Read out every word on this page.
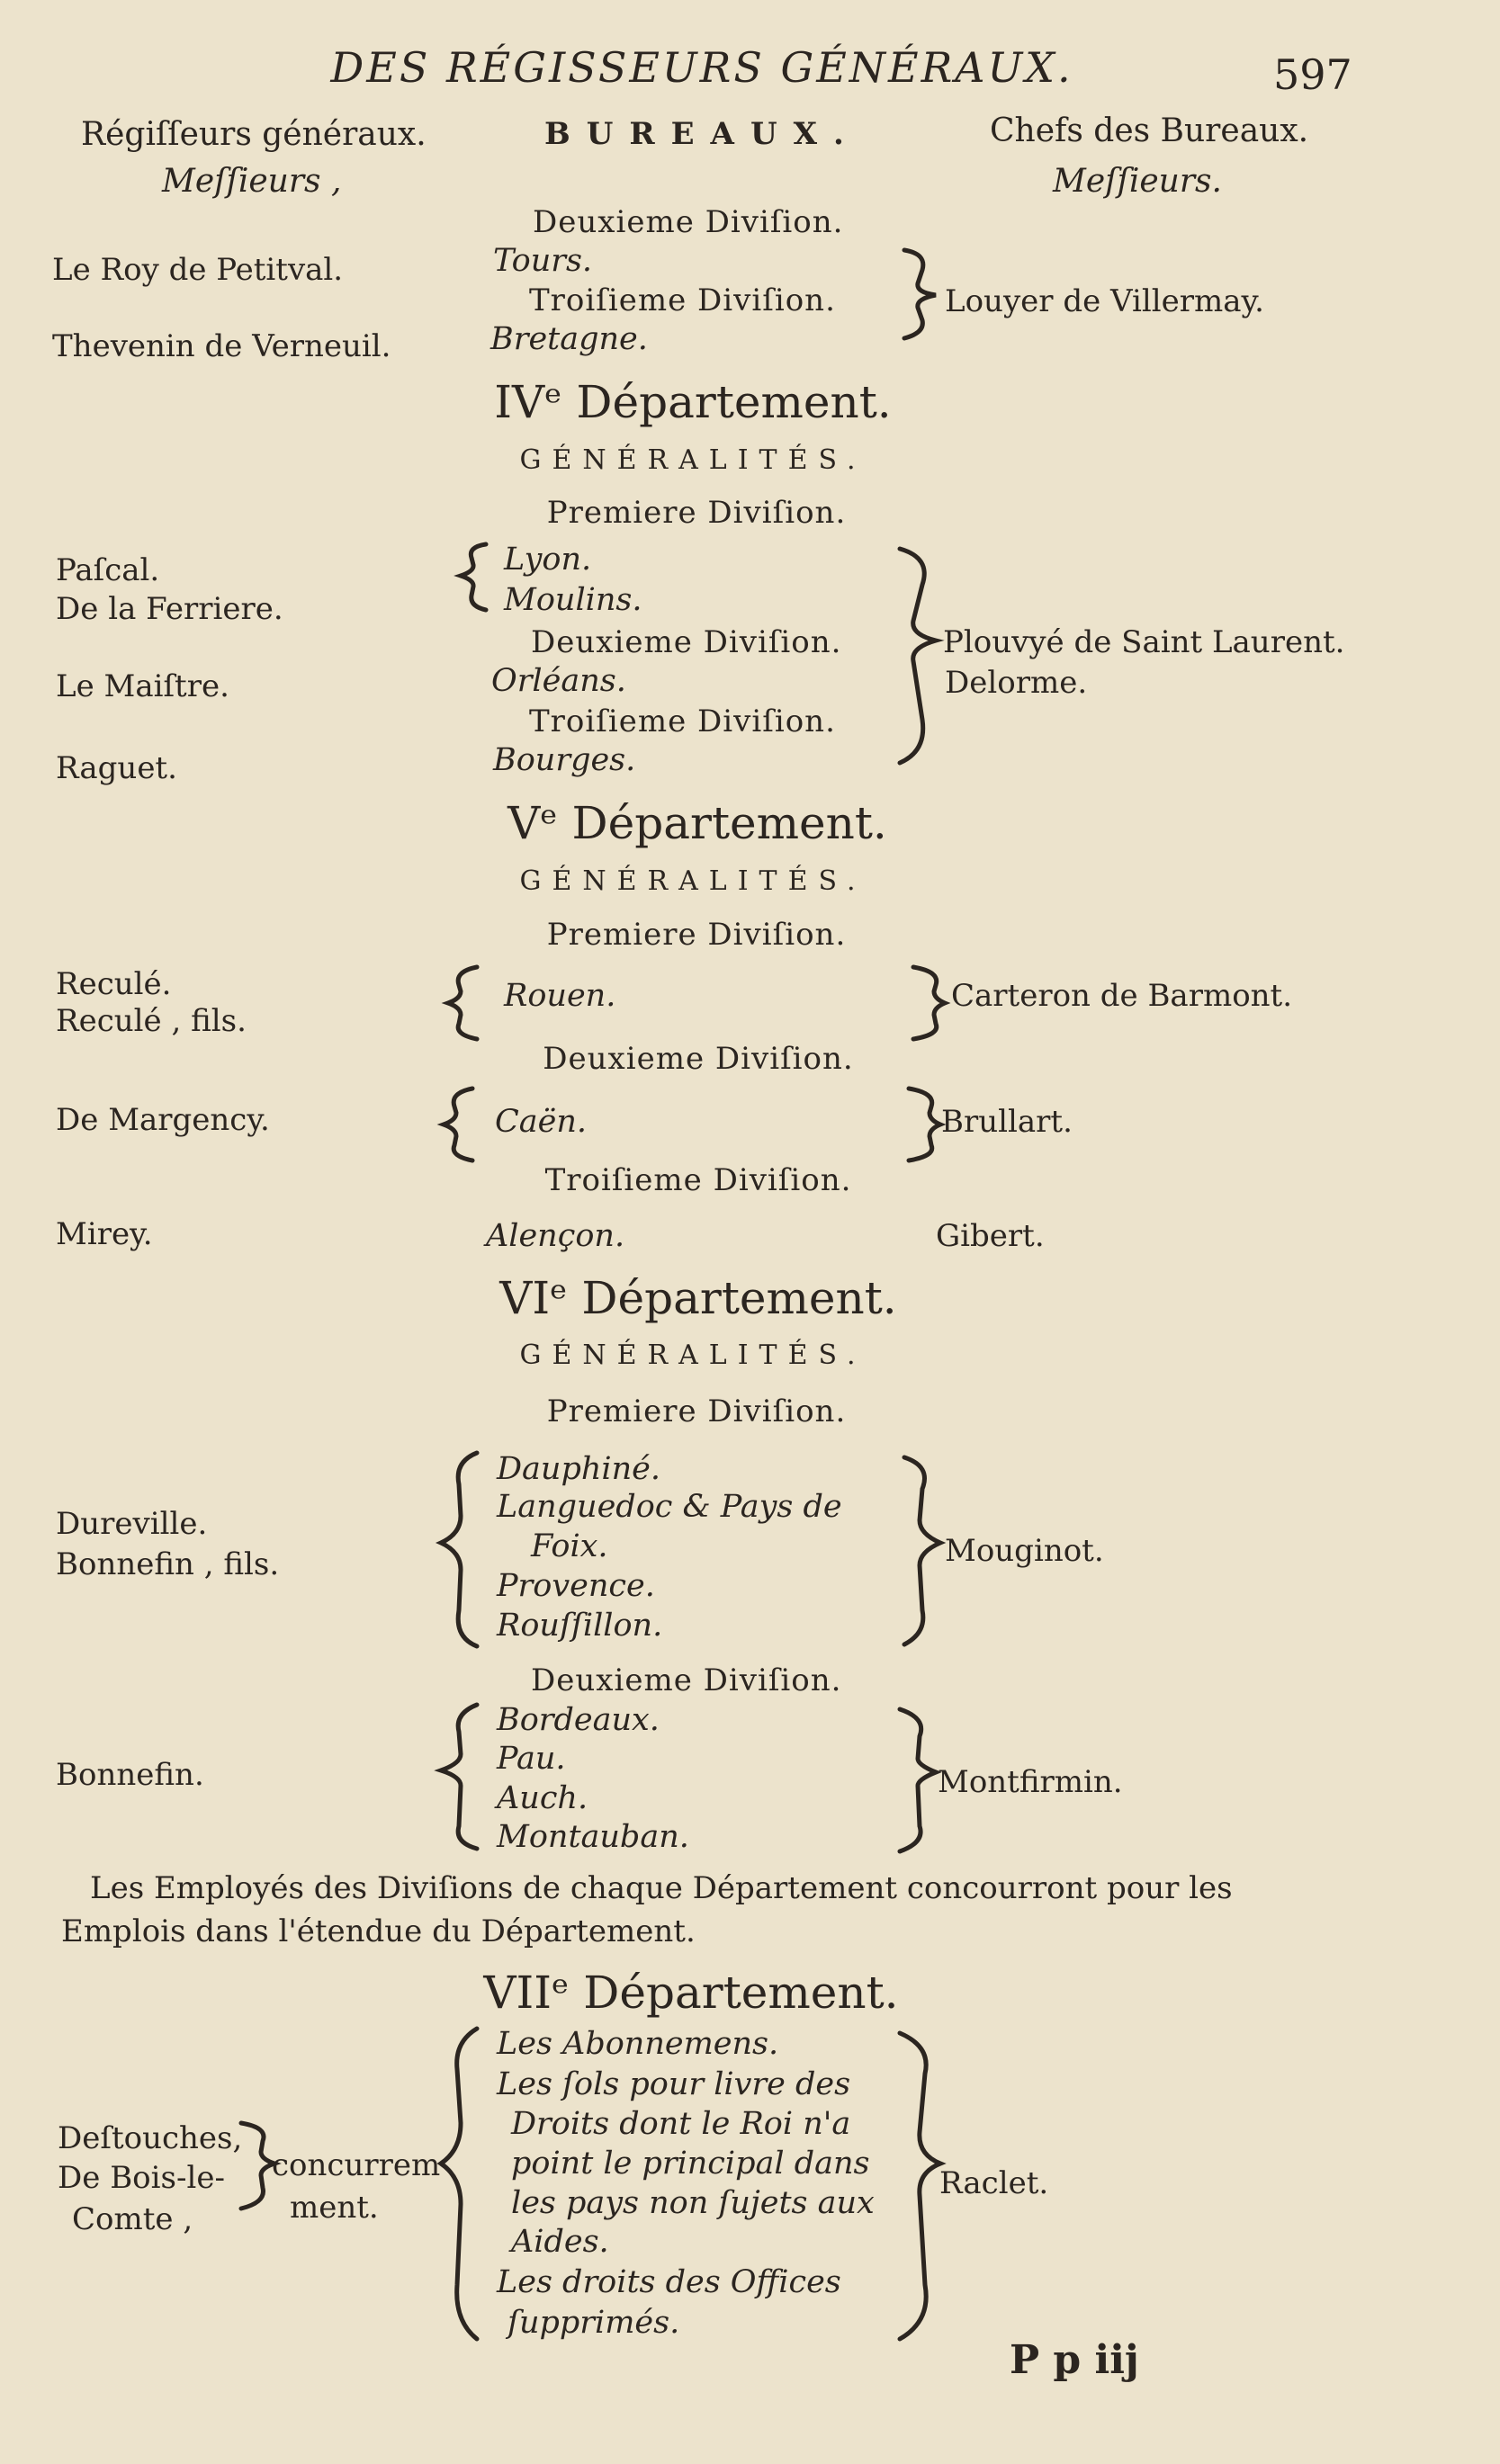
DES RÉGISSEURS GÉNÉRAUX.	597
Régiſſeurs généraux.
Meſſieurs ,
BUREAUX.	Chefs des Bureaux.
Meſſieurs.
Deuxieme Diviſion.
Tours.
Troiſieme Diviſion.
Bretagne.
Le Roy de Petitval.
Thevenin de Verneuil.
Louyer de Villermay.
IVᵉ Département.
GÉNÉRALITÉS.
Premiere Diviſion.
Lyon.
Moulins.
Deuxieme Diviſion.
Orléans.
Troiſieme Diviſion.
Bourges.
Paſcal.
De la Ferriere.
Le Maiſtre.
Raguet.
Plouvyé de Saint Laurent.
Delorme.
Vᵉ Département.
GÉNÉRALITÉS.
Premiere Diviſion.
Rouen.
Deuxieme Diviſion.
Caën.
Troiſieme Diviſion.
Alençon.
Reculé.
Reculé , fils.
De Margency.
Mirey.
Carteron de Barmont.
Brullart.
Gibert.
VIᵉ Département.
GÉNÉRALITÉS.
Premiere Diviſion.
Dauphiné.
Languedoc & Pays de
Foix.
Provence.
Rouſſillon.
Deuxieme Diviſion.
Bordeaux.
Pau.
Auch.
Montauban.
Dureville.
Bonnefin , fils.
Bonnefin.
Mouginot.
Montfirmin.
Les Employés des Diviſions de chaque Département concourront pour les
Emplois dans l'étendue du Département.
VIIᵉ Département.
Les Abonnemens.
Les ſols pour livre des
Droits dont le Roi n'a
point le principal dans
les pays non ſujets aux
Aides.
Les droits des Offices
ſupprimés.
Deſtouches,
De Bois-le-
Comte ,
concurrem
ment.
Raclet.
P p iij
